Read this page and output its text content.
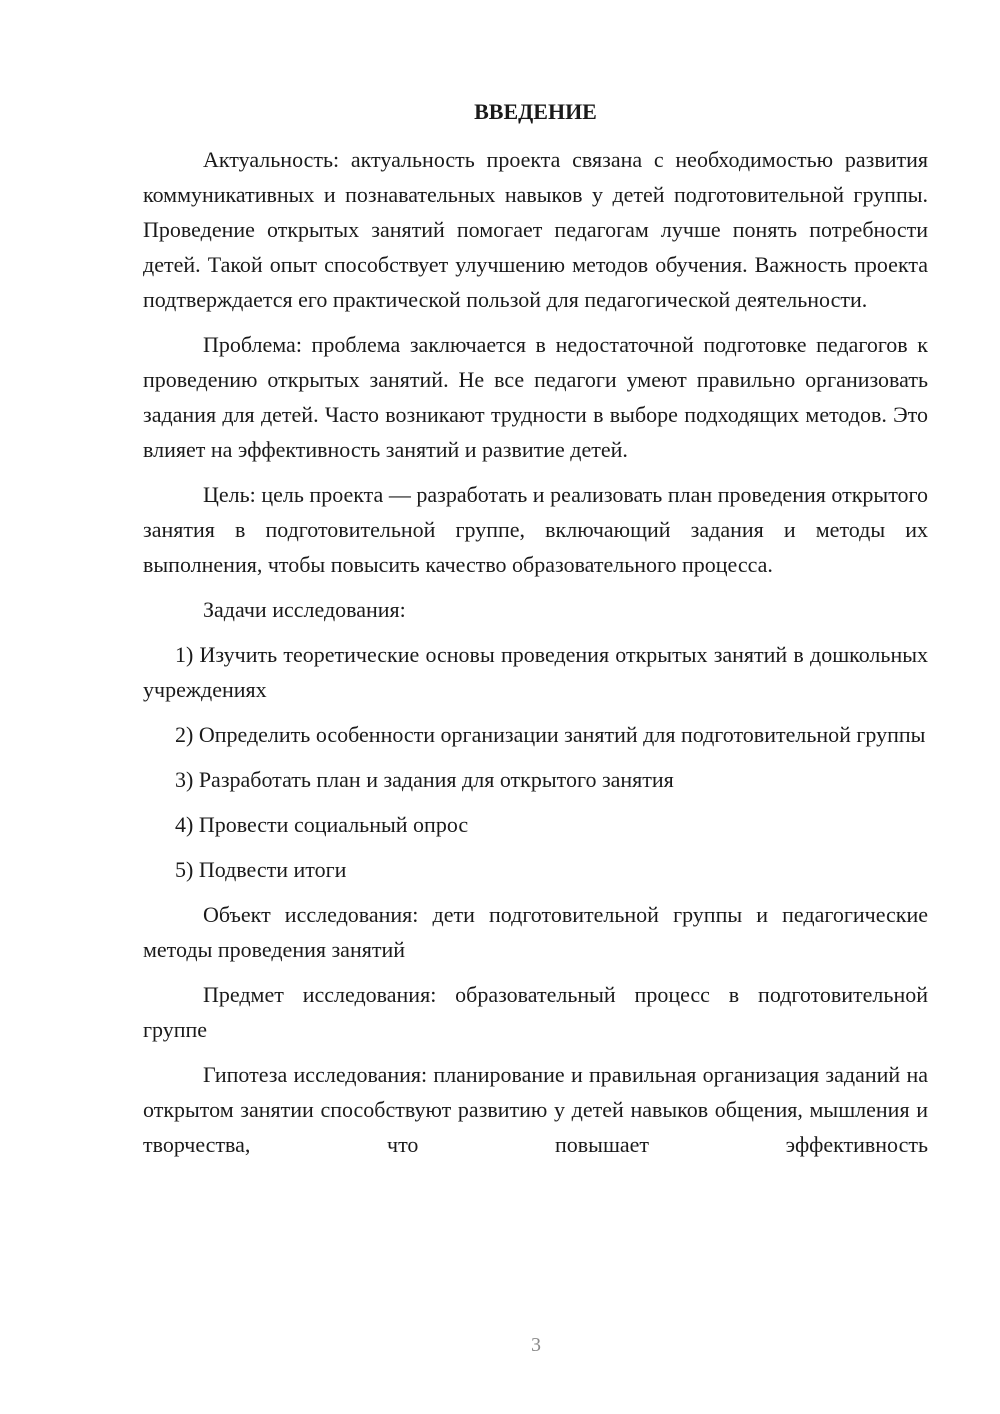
ВВЕДЕНИЕ

Актуальность: актуальность проекта связана с необходимостью развития коммуникативных и познавательных навыков у детей подготовительной группы. Проведение открытых занятий помогает педагогам лучше понять потребности детей. Такой опыт способствует улучшению методов обучения. Важность проекта подтверждается его практической пользой для педагогической деятельности.

Проблема: проблема заключается в недостаточной подготовке педагогов к проведению открытых занятий. Не все педагоги умеют правильно организовать задания для детей. Часто возникают трудности в выборе подходящих методов. Это влияет на эффективность занятий и развитие детей.

Цель: цель проекта — разработать и реализовать план проведения открытого занятия в подготовительной группе, включающий задания и методы их выполнения, чтобы повысить качество образовательного процесса.

Задачи исследования:

1) Изучить теоретические основы проведения открытых занятий в дошкольных учреждениях

2) Определить особенности организации занятий для подготовительной группы

3) Разработать план и задания для открытого занятия

4) Провести социальный опрос

5) Подвести итоги

Объект исследования: дети подготовительной группы и педагогические методы проведения занятий

Предмет исследования: образовательный процесс в подготовительной группе

Гипотеза исследования: планирование и правильная организация заданий на открытом занятии способствуют развитию у детей навыков общения, мышления и творчества, что повышает эффективность

3
